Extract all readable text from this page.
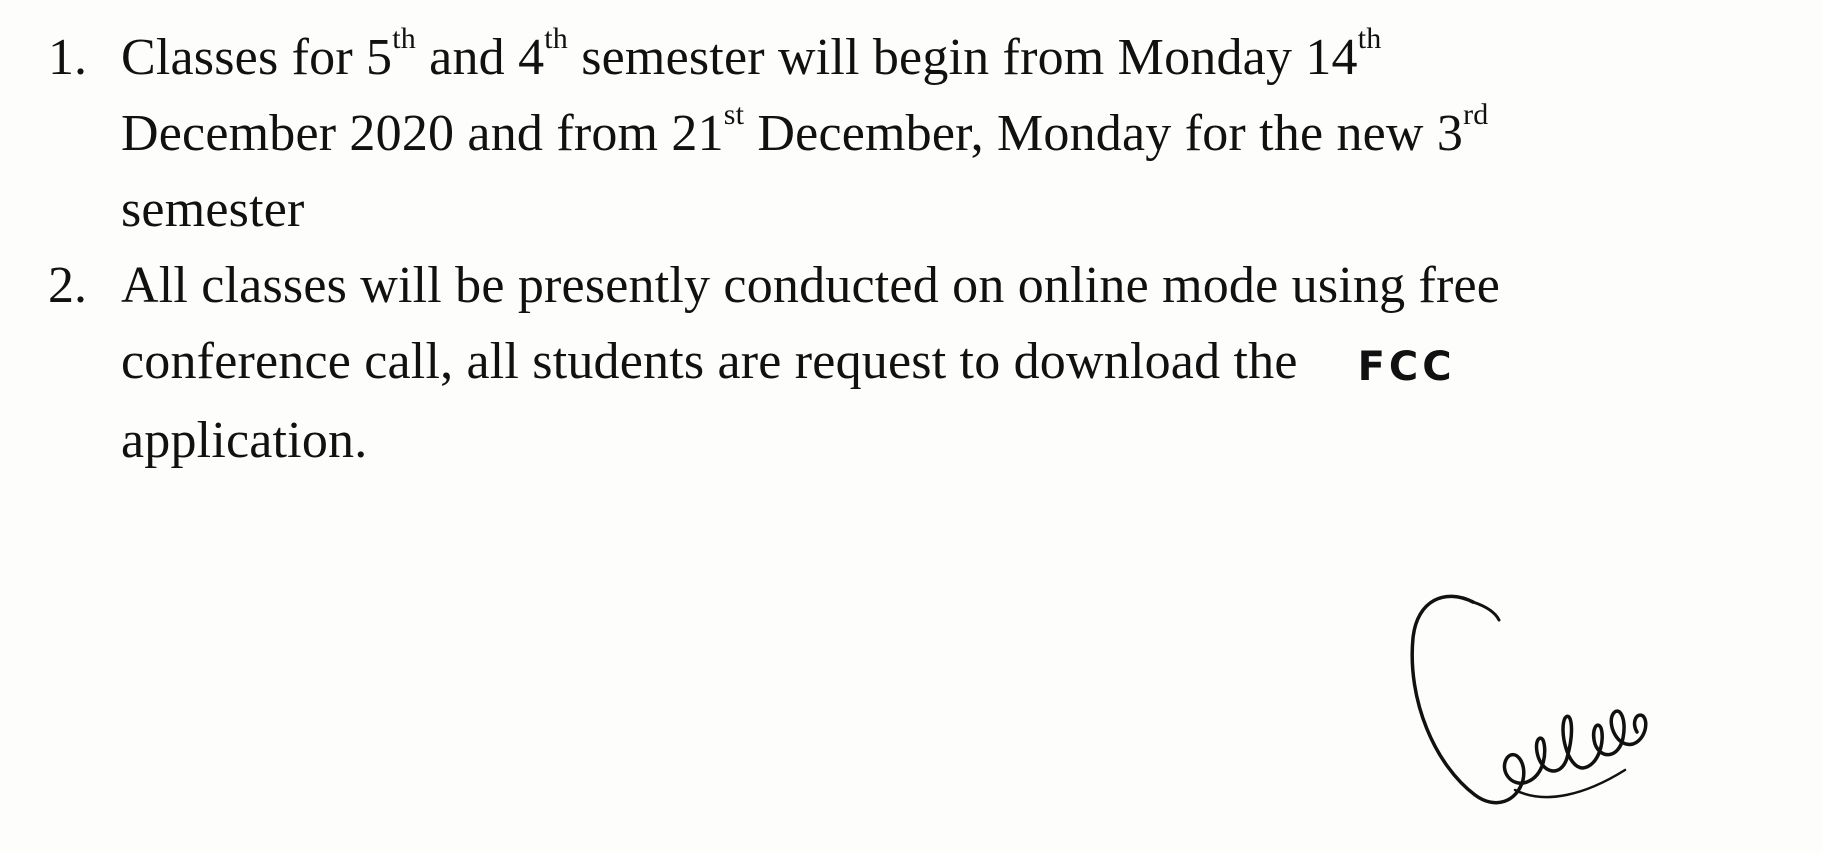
1. Classes for 5th and 4th semester will begin from Monday 14th
December 2020 and from 21st December, Monday for the new 3rd
semester
2. All classes will be presently conducted on online mode using free
conference call, all students are request to download the FCC
application.
